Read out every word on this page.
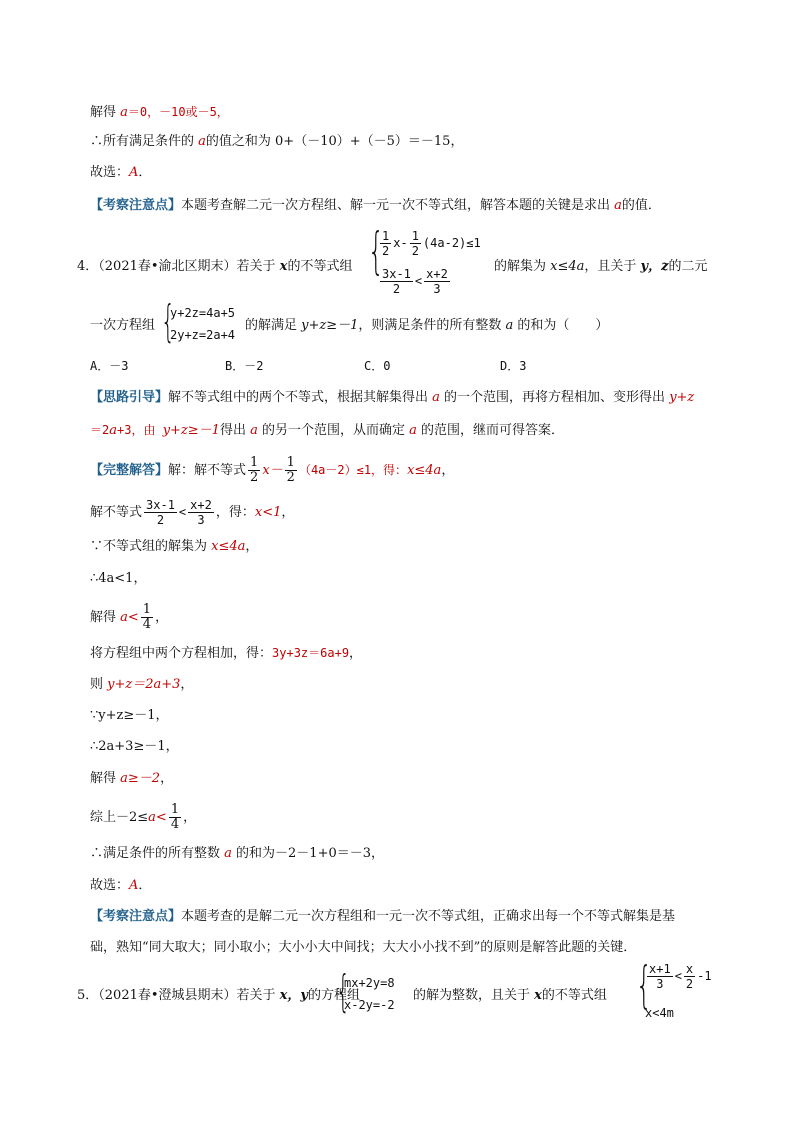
解得 a＝0，－10或－5，
∴所有满足条件的 a的值之和为 0+（－10）+（－5）＝－15，
故选：A．
【考察注意点】本题考查解二元一次方程组、解一元一次不等式组，解答本题的关键是求出 a的值．
4．（2021春•渝北区期末）若关于 x的不等式组 {
$\frac{1}{2} x- \frac{1}{2} (4a-2)\le 1$
$\frac{3x-1}{2} < \frac{x+2}{3}$
的解集为 x≤4a，且关于 y，z的二元
一次方程组 {
y+2z=4a+5
2y+z=2a+4
的解满足 y+z≥－1，则满足条件的所有整数 a 的和为（　　）
A．－3	B．－2	C．0	D．3
【思路引导】解不等式组中的两个不等式，根据其解集得出 a 的一个范围，再将方程相加、变形得出 y+z
＝2a+3，由 y+z≥－1得出 a 的另一个范围，从而确定 a 的范围，继而可得答案．
【完整解答】解：解不等式 $\frac{1}{2} x- \frac{1}{2} (4a-2)\le 1$，得：x≤4a，
解不等式 $\frac{3x-1}{2} < \frac{x+2}{3}$ ，得：x<1，
∵不等式组的解集为 x≤4a，
∴4a<1，
解得 $a< \frac{1}{4}$ ，
将方程组中两个方程相加，得：3y+3z＝6a+9，
则 y+z＝2a+3，
∵y+z≥－1，
∴2a+3≥－1，
解得 a≥－2，
综上$-2\le a< \frac{1}{4}$ ，
∴满足条件的所有整数 a 的和为－2－1+0＝－3，
故选：A．
【考察注意点】本题考查的是解二元一次方程组和一元一次不等式组，正确求出每一个不等式解集是基
础，熟知“同大取大；同小取小；大小小大中间找；大大小小找不到”的原则是解答此题的关键．
5．（2021春•澄城县期末）若关于 x，y的方程组
{
mx+2y=8
x-2y=-2
的解为整数，且关于 x的不等式组 {
$\frac{x+1}{3} < \frac{x}{2} -1$
x<4m
